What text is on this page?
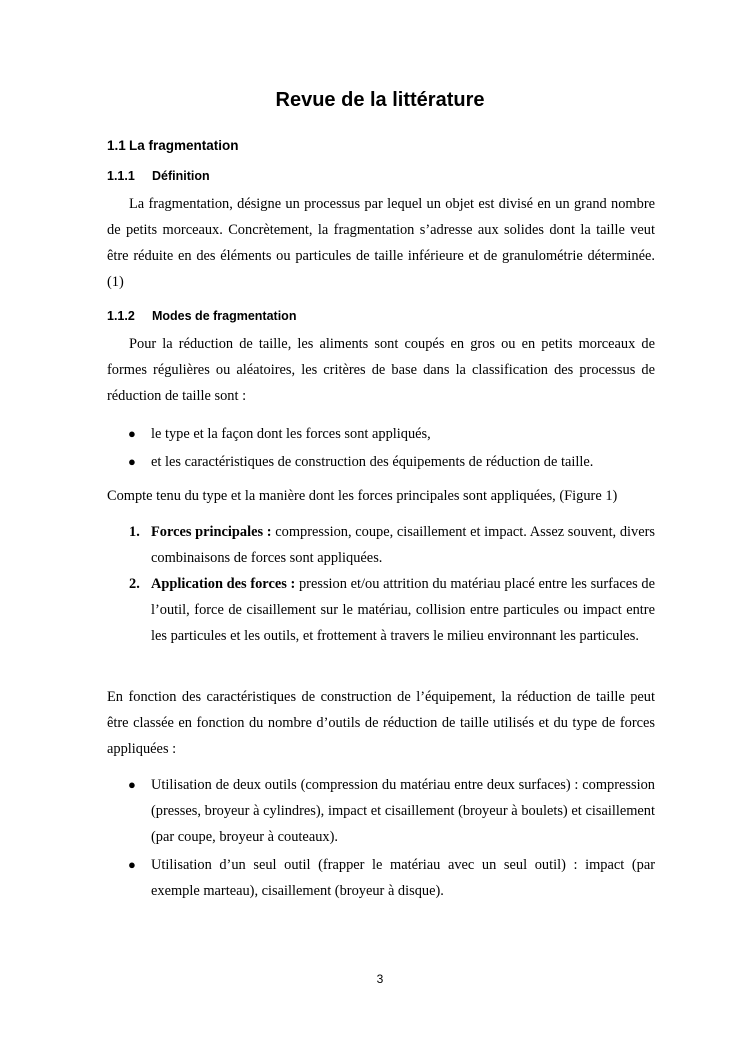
Revue de la littérature
1.1 La fragmentation
1.1.1 Définition

La fragmentation, désigne un processus par lequel un objet est divisé en un grand nombre de petits morceaux. Concrètement, la fragmentation s’adresse aux solides dont la taille veut être réduite en des éléments ou particules de taille inférieure et de granulométrie déterminée. (1)

1.1.2 Modes de fragmentation

Pour la réduction de taille, les aliments sont coupés en gros ou en petits morceaux de formes régulières ou aléatoires, les critères de base dans la classification des processus de réduction de taille sont :

● le type et la façon dont les forces sont appliqués,
● et les caractéristiques de construction des équipements de réduction de taille.

Compte tenu du type et la manière dont les forces principales sont appliquées, (Figure 1)

1. Forces principales : compression, coupe, cisaillement et impact. Assez souvent, divers combinaisons de forces sont appliquées.
2. Application des forces : pression et/ou attrition du matériau placé entre les surfaces de l’outil, force de cisaillement sur le matériau, collision entre particules ou impact entre les particules et les outils, et frottement à travers le milieu environnant les particules.

En fonction des caractéristiques de construction de l’équipement, la réduction de taille peut être classée en fonction du nombre d’outils de réduction de taille utilisés et du type de forces appliquées :

● Utilisation de deux outils (compression du matériau entre deux surfaces) : compression (presses, broyeur à cylindres), impact et cisaillement (broyeur à boulets) et cisaillement (par coupe, broyeur à couteaux).
● Utilisation d’un seul outil (frapper le matériau avec un seul outil) : impact (par exemple marteau), cisaillement (broyeur à disque).
3
